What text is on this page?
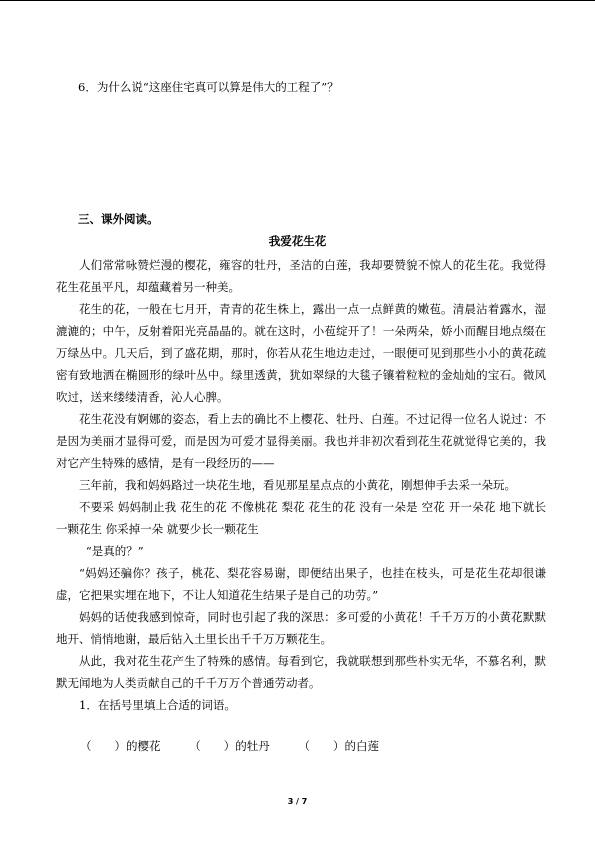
6．为什么说“这座住宅真可以算是伟大的工程了”？
三、课外阅读。
我爱花生花

人们常常咏赞烂漫的樱花，雍容的牡丹，圣洁的白莲，我却要赞貌不惊人的花生花。我觉得花生花虽平凡，却蕴藏着另一种美。

花生的花，一般在七月开，青青的花生株上，露出一点一点鲜黄的嫩苞。清晨沾着露水，湿漉漉的；中午，反射着阳光亮晶晶的。就在这时，小苞绽开了！一朵两朵，娇小而醒目地点缀在万绿丛中。几天后，到了盛花期，那时，你若从花生地边走过，一眼便可见到那些小小的黄花疏密有致地洒在椭圆形的绿叶丛中。绿里透黄，犹如翠绿的大毯子镶着粒粒的金灿灿的宝石。微风吹过，送来缕缕清香，沁人心脾。

花生花没有婀娜的姿态，看上去的确比不上樱花、牡丹、白莲。不过记得一位名人说过：不是因为美丽才显得可爱，而是因为可爱才显得美丽。我也并非初次看到花生花就觉得它美的，我对它产生特殊的感情，是有一段经历的——

三年前，我和妈妈路过一块花生地，看见那星星点点的小黄花，刚想伸手去采一朵玩。

不要采 妈妈制止我 花生的花 不像桃花 梨花 花生的花 没有一朵是 空花 开一朵花 地下就长一颗花生 你采掉一朵 就要少长一颗花生

“是真的？”

“妈妈还骗你？孩子，桃花、梨花容易谢，即便结出果子，也挂在枝头，可是花生花却很谦虚，它把果实埋在地下，不让人知道花生结果子是自己的功劳。”

妈妈的话使我感到惊奇，同时也引起了我的深思：多可爱的小黄花！千千万万的小黄花默默地开、悄悄地谢，最后钻入土里长出千千万万颗花生。

从此，我对花生花产生了特殊的感情。每看到它，我就联想到那些朴实无华，不慕名利，默默无闻地为人类贡献自己的千千万万个普通劳动者。

1．在括号里填上合适的词语。

（　　）的樱花　　　（　　）的牡丹　　　（　　）的白莲
3 / 7
